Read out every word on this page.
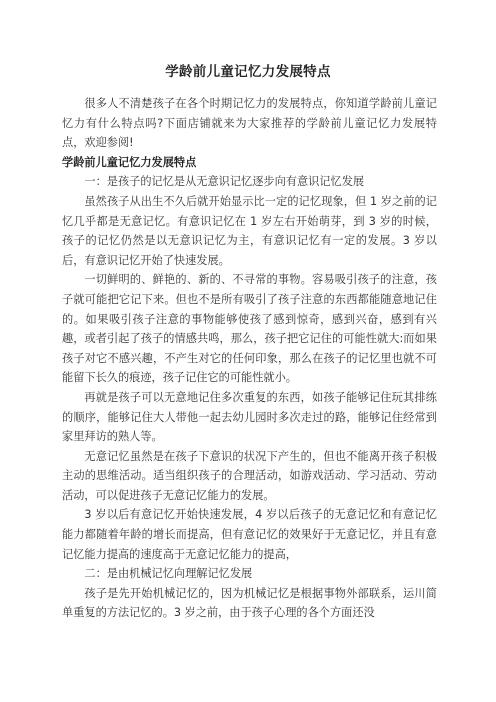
学龄前儿童记忆力发展特点

很多人不清楚孩子在各个时期记忆力的发展特点，你知道学龄前儿童记忆力有什么特点吗?下面店铺就来为大家推荐的学龄前儿童记忆力发展特点，欢迎参阅!

学龄前儿童记忆力发展特点

一：是孩子的记忆是从无意识记忆逐步向有意识记忆发展

虽然孩子从出生不久后就开始显示比一定的记忆现象，但 1 岁之前的记忆几乎都是无意记忆。有意识记忆在 1 岁左右开始萌芽，到 3 岁的时候，孩子的记忆仍然是以无意识记忆为主，有意识记忆有一定的发展。3 岁以后，有意识记忆开始了快速发展。

一切鲜明的、鲜艳的、新的、不寻常的事物。容易吸引孩子的注意，孩子就可能把它记下来。但也不是所有吸引了孩子注意的东西都能随意地记住的。如果吸引孩子注意的事物能够使孩了感到惊奇，感到兴奋，感到有兴趣，或者引起了孩子的情感共鸣，那么，孩子把它记住的可能性就大:而如果孩子对它不感兴趣，不产生对它的任何印象，那么在孩子的记忆里也就不可能留下长久的痕迹，孩子记住它的可能性就小。

再就是孩子可以无意地记住多次重复的东西，如孩子能够记住玩其排练的顺序，能够记住大人带他一起去幼儿园时多次走过的路，能够记住经常到家里拜访的熟人等。

无意记忆虽然是在孩子下意识的状况下产生的，但也不能离开孩子积极主动的思维活动。适当组织孩子的合理活动，如游戏活动、学习活动、劳动活动，可以促进孩子无意记忆能力的发展。

3 岁以后有意记忆开始快速发展，4 岁以后孩子的无意记忆和有意记忆能力都随着年龄的增长而提高，但有意记忆的效果好于无意记忆，并且有意记忆能力提高的速度高于无意记忆能力的提高，

二：是由机械记忆向理解记忆发展

孩子是先开始机械记忆的，因为机械记忆是根据事物外部联系，运川简单重复的方法记忆的。3 岁之前，由于孩子心理的各个方面还没
